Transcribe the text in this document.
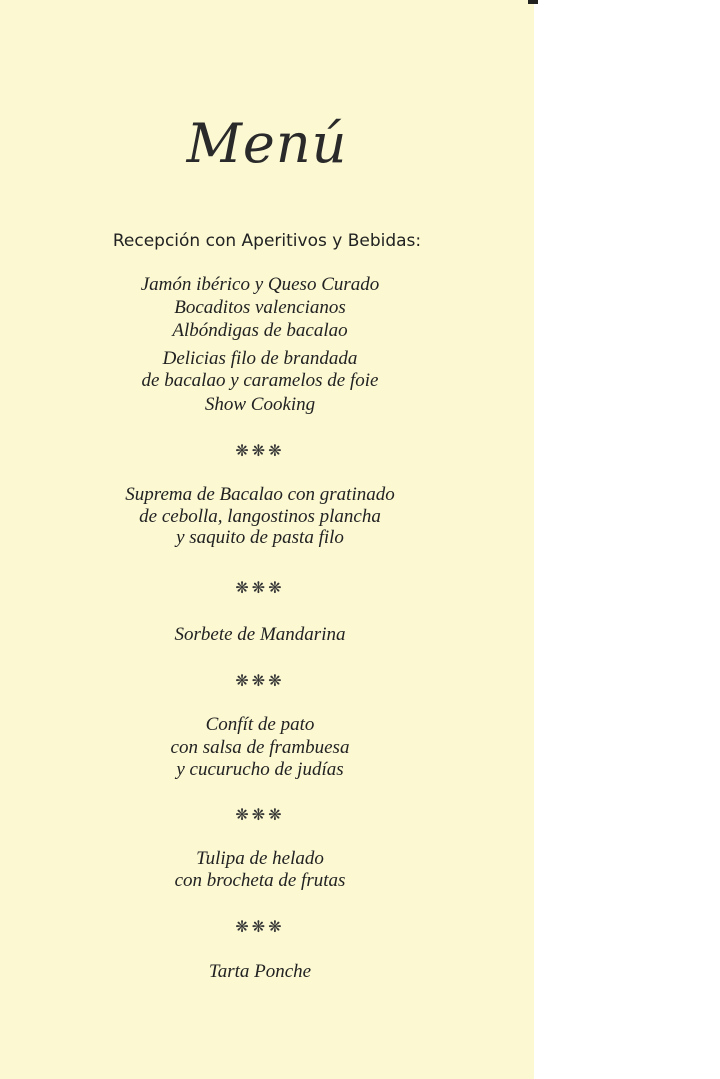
Menú
Recepción con Aperitivos y Bebidas:
Jamón ibérico y Queso Curado
Bocaditos valencianos
Albóndigas de bacalao
Delicias filo de brandada
de bacalao y caramelos de foie
Show Cooking
❋❋❋
Suprema de Bacalao con gratinado
de cebolla, langostinos plancha
y saquito de pasta filo
❋❋❋
Sorbete de Mandarina
❋❋❋
Confít de pato
con salsa de frambuesa
y cucurucho de judías
❋❋❋
Tulipa de helado
con brocheta de frutas
❋❋❋
Tarta Ponche
